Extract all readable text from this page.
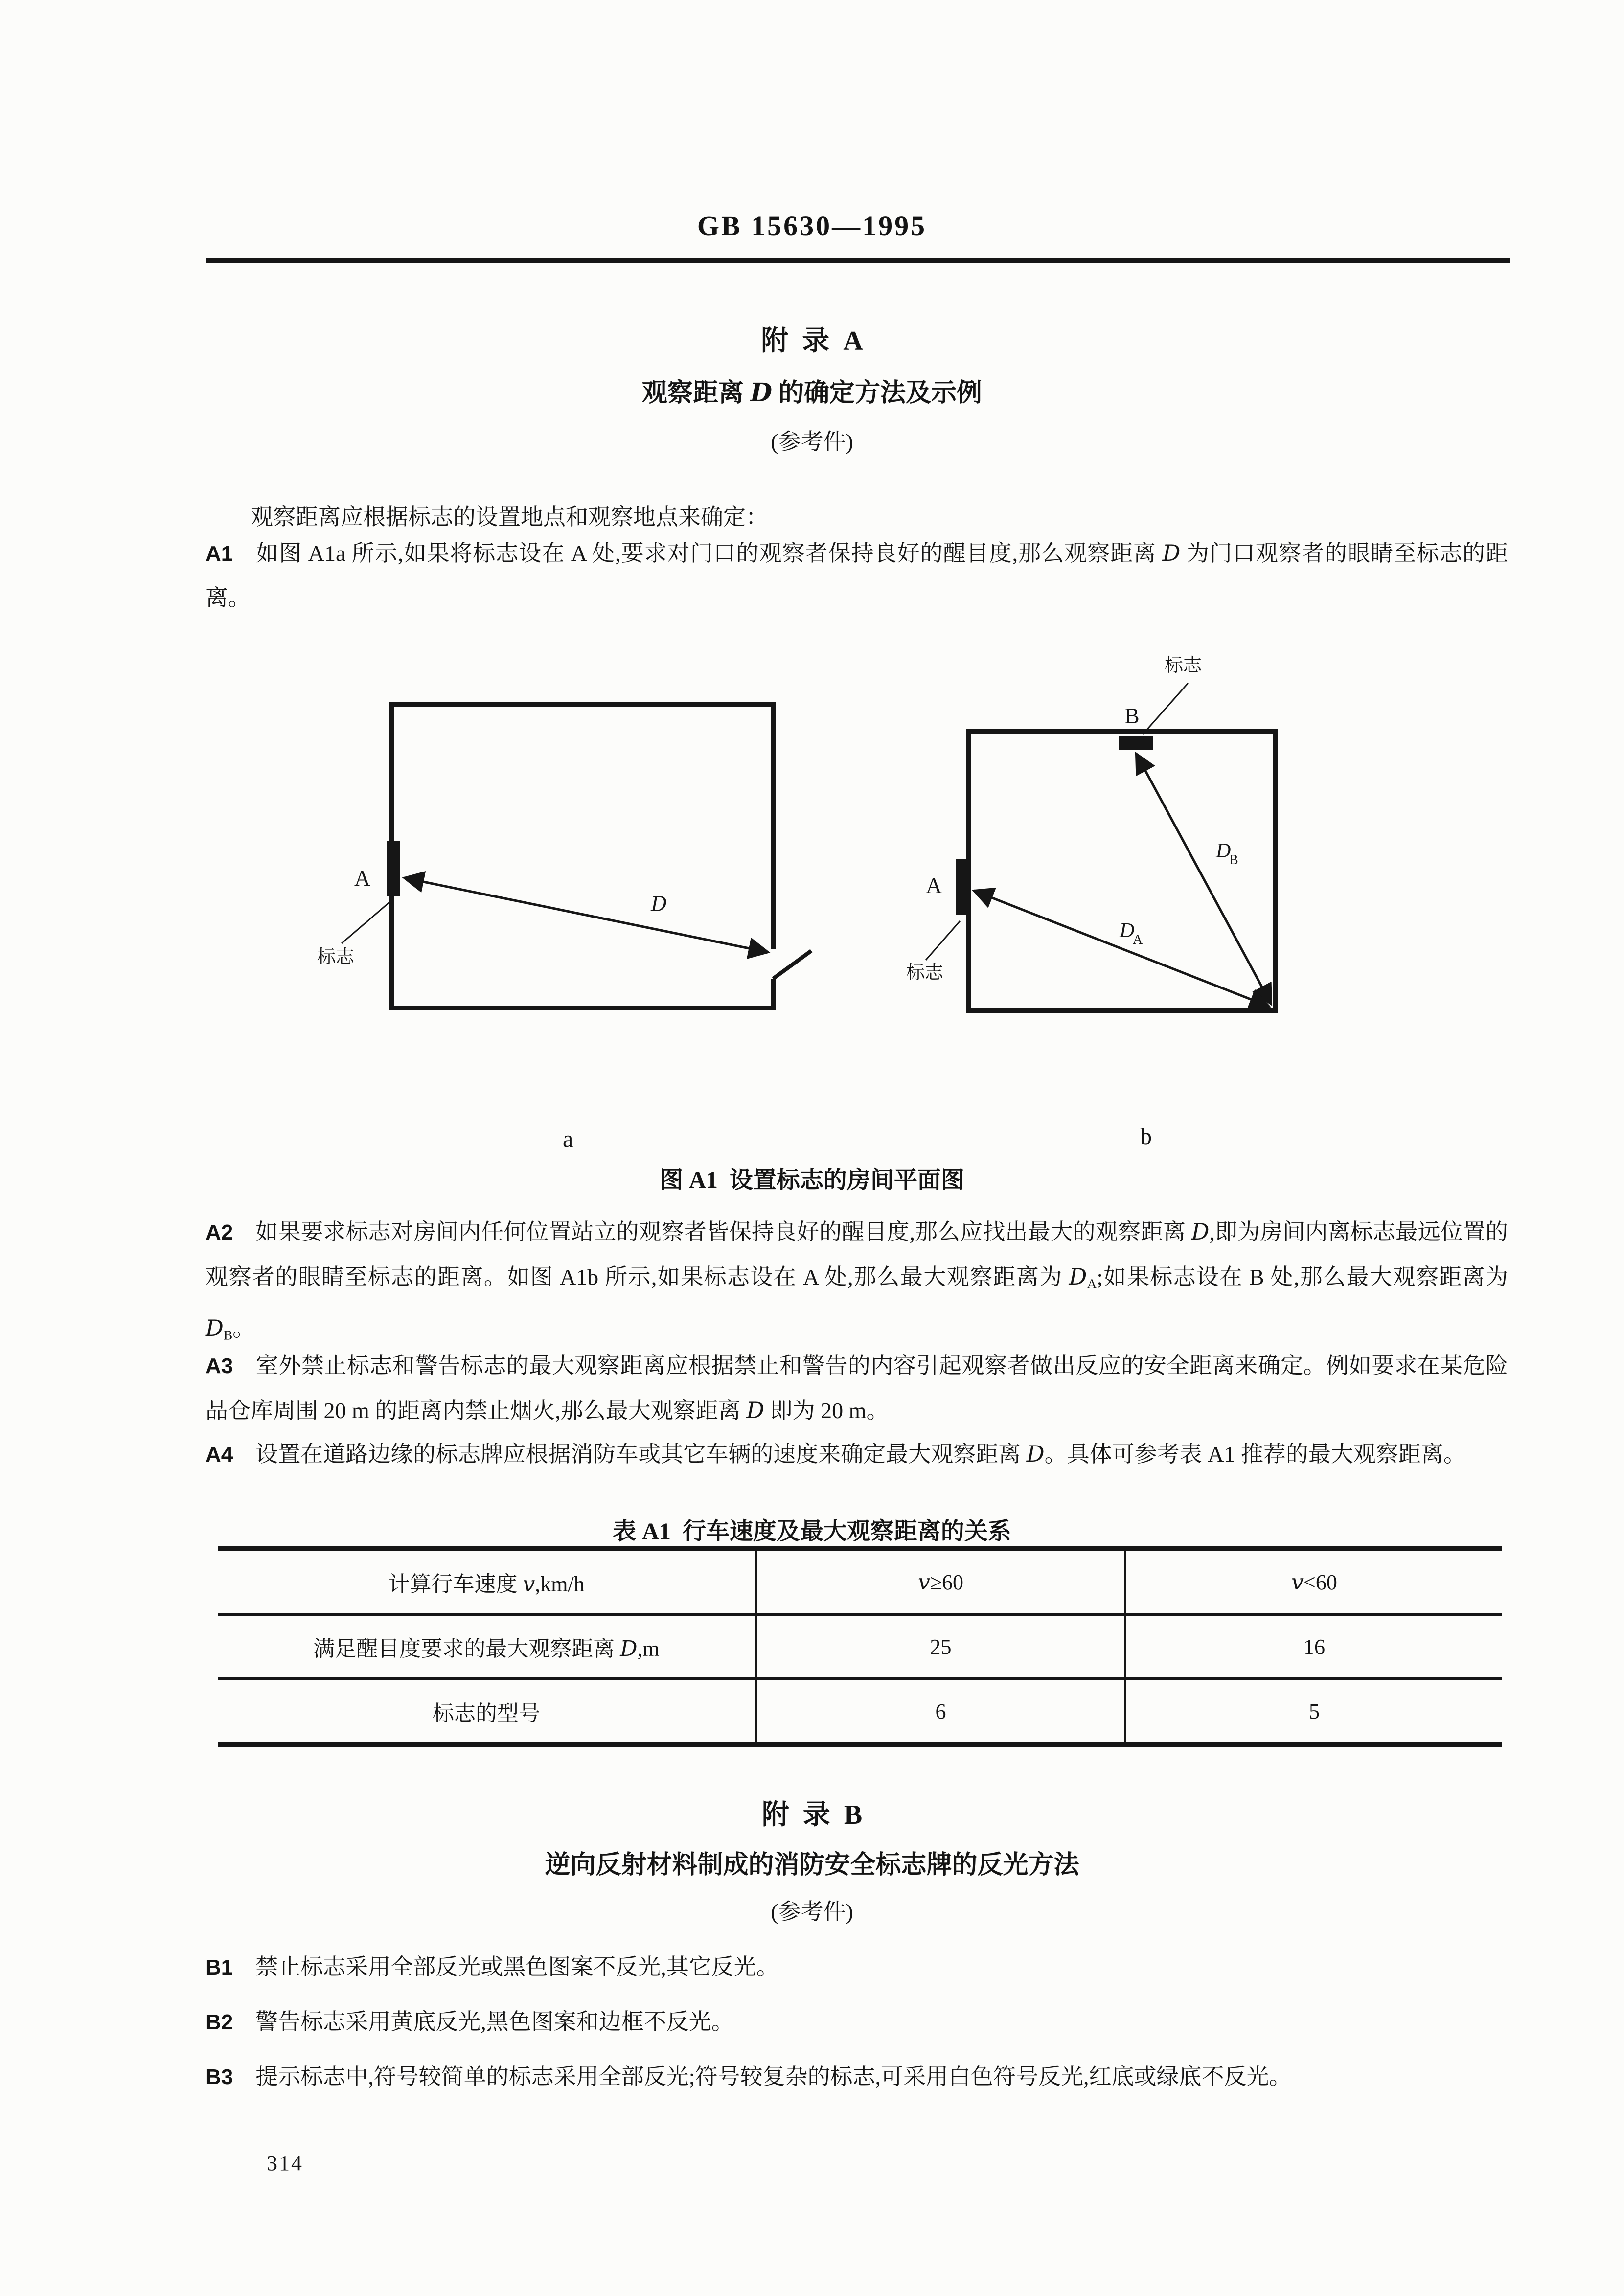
GB 15630—1995
附  录  A
观察距离 D 的确定方法及示例
(参考件)
观察距离应根据标志的设置地点和观察地点来确定：
A1 如图 A1a 所示,如果将标志设在 A 处,要求对门口的观察者保持良好的醒目度,那么观察距离 D 为门口观察者的眼睛至标志的距离。
D
A
标志
B
A
标志
标志
D
B
D
A
a	b
图 A1  设置标志的房间平面图
A2 如果要求标志对房间内任何位置站立的观察者皆保持良好的醒目度,那么应找出最大的观察距离 D,即为房间内离标志最远位置的观察者的眼睛至标志的距离。如图 A1b 所示,如果标志设在 A 处,那么最大观察距离为 $D_A$;如果标志设在 B 处,那么最大观察距离为 $D_B$。
A3 室外禁止标志和警告标志的最大观察距离应根据禁止和警告的内容引起观察者做出反应的安全距离来确定。例如要求在某危险品仓库周围 20 m 的距离内禁止烟火,那么最大观察距离 D 即为 20 m。
A4 设置在道路边缘的标志牌应根据消防车或其它车辆的速度来确定最大观察距离 D。具体可参考表 A1 推荐的最大观察距离。
表 A1  行车速度及最大观察距离的关系
计算行车速度 v,km/h	v≥60	v<60
满足醒目度要求的最大观察距离 D,m	25	16
标志的型号	6	5
附  录  B
逆向反射材料制成的消防安全标志牌的反光方法
(参考件)
B1 禁止标志采用全部反光或黑色图案不反光,其它反光。
B2 警告标志采用黄底反光,黑色图案和边框不反光。
B3 提示标志中,符号较简单的标志采用全部反光;符号较复杂的标志,可采用白色符号反光,红底或绿底不反光。
314
